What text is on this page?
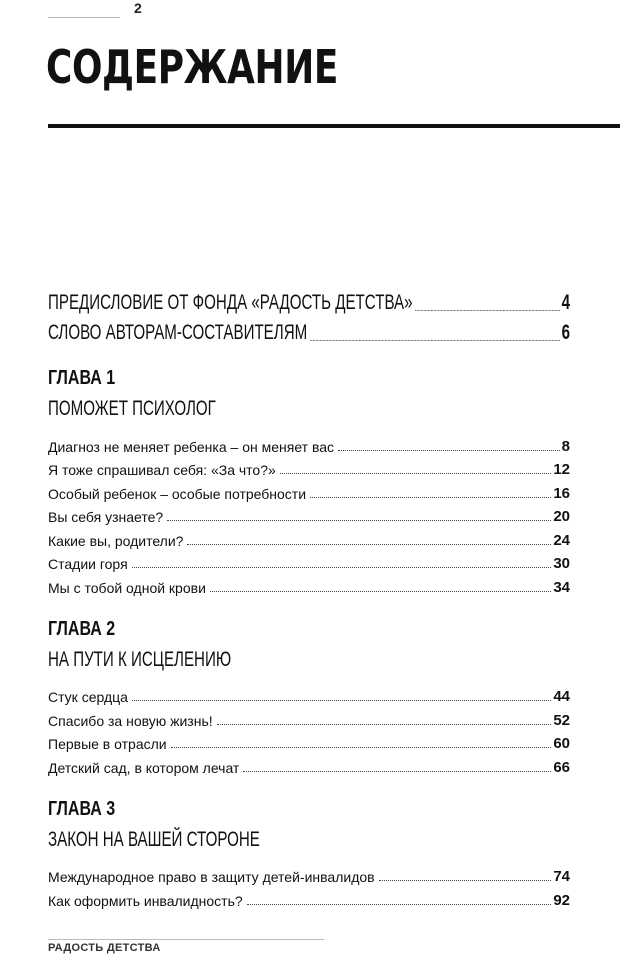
2
СОДЕРЖАНИЕ
ПРЕДИСЛОВИЕ ОТ ФОНДА «РАДОСТЬ ДЕТСТВА»	4
СЛОВО АВТОРАМ-СОСТАВИТЕЛЯМ	6
ГЛАВА 1
ПОМОЖЕТ ПСИХОЛОГ
Диагноз не меняет ребенка – он меняет вас	8
Я тоже спрашивал себя: «За что?»	12
Особый ребенок – особые потребности	16
Вы себя узнаете?	20
Какие вы, родители?	24
Стадии горя	30
Мы с тобой одной крови	34
ГЛАВА 2
НА ПУТИ К ИСЦЕЛЕНИЮ
Стук сердца	44
Спасибо за новую жизнь!	52
Первые в отрасли	60
Детский сад, в котором лечат	66
ГЛАВА 3
ЗАКОН НА ВАШЕЙ СТОРОНЕ
Международное право в защиту детей-инвалидов	74
Как оформить инвалидность?	92
РАДОСТЬ ДЕТСТВА
